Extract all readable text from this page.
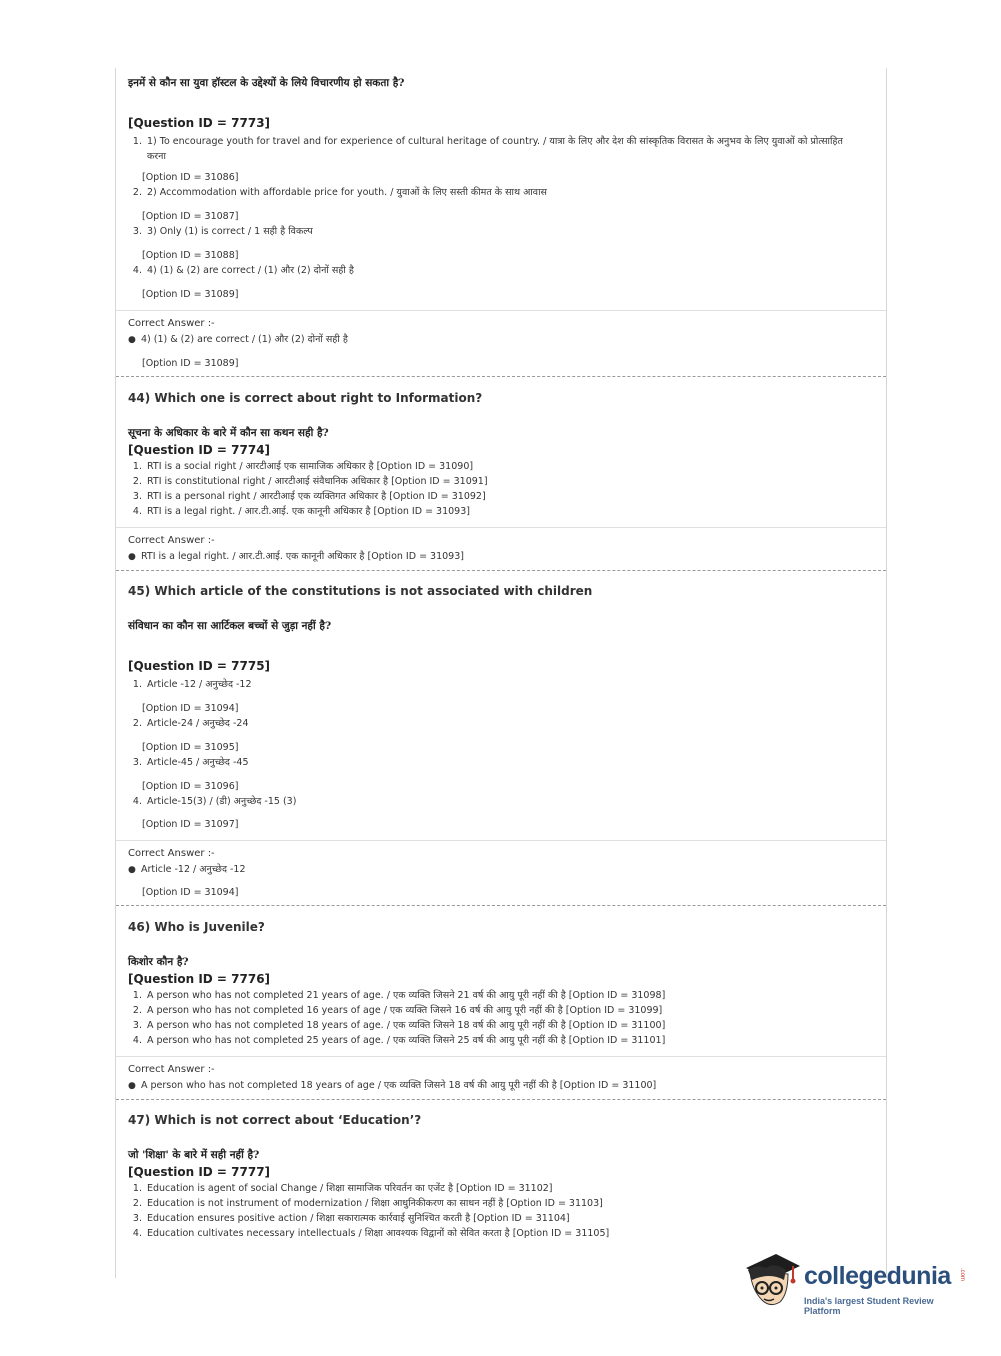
इनमें से कौन सा युवा हॉस्टल के उद्देश्यों के लिये विचारणीय हो सकता है?
[Question ID = 7773]
1. 1) To encourage youth for travel and for experience of cultural heritage of country. / यात्रा के लिए और देश की सांस्कृतिक विरासत के अनुभव के लिए युवाओं को प्रोत्साहित करना
[Option ID = 31086]
2. 2) Accommodation with affordable price for youth. / युवाओं के लिए सस्ती कीमत के साथ आवास
[Option ID = 31087]
3. 3) Only (1) is correct / 1 सही है विकल्प
[Option ID = 31088]
4. 4) (1) & (2) are correct / (1) और (2) दोनों सही है
[Option ID = 31089]
Correct Answer :-
● 4) (1) & (2) are correct / (1) और (2) दोनों सही है
[Option ID = 31089]
44) Which one is correct about right to Information?
सूचना के अधिकार के बारे में कौन सा कथन सही है?
[Question ID = 7774]
1. RTI is a social right / आरटीआई एक सामाजिक अधिकार है [Option ID = 31090]
2. RTI is constitutional right / आरटीआई संवैधानिक अधिकार है [Option ID = 31091]
3. RTI is a personal right / आरटीआई एक व्यक्तिगत अधिकार है [Option ID = 31092]
4. RTI is a legal right. / आर.टी.आई. एक कानूनी अधिकार है [Option ID = 31093]
Correct Answer :-
● RTI is a legal right. / आर.टी.आई. एक कानूनी अधिकार है [Option ID = 31093]
45) Which article of the constitutions is not associated with children
संविधान का कौन सा आर्टिकल बच्चों से जुड़ा नहीं है?
[Question ID = 7775]
1. Article -12 / अनुच्छेद -12
[Option ID = 31094]
2. Article-24 / अनुच्छेद -24
[Option ID = 31095]
3. Article-45 / अनुच्छेद -45
[Option ID = 31096]
4. Article-15(3) / (डी) अनुच्छेद -15 (3)
[Option ID = 31097]
Correct Answer :-
● Article -12 / अनुच्छेद -12
[Option ID = 31094]
46) Who is Juvenile?
किशोर कौन है?
[Question ID = 7776]
1. A person who has not completed 21 years of age. / एक व्यक्ति जिसने 21 वर्ष की आयु पूरी नहीं की है [Option ID = 31098]
2. A person who has not completed 16 years of age / एक व्यक्ति जिसने 16 वर्ष की आयु पूरी नहीं की है [Option ID = 31099]
3. A person who has not completed 18 years of age. / एक व्यक्ति जिसने 18 वर्ष की आयु पूरी नहीं की है [Option ID = 31100]
4. A person who has not completed 25 years of age. / एक व्यक्ति जिसने 25 वर्ष की आयु पूरी नहीं की है [Option ID = 31101]
Correct Answer :-
● A person who has not completed 18 years of age / एक व्यक्ति जिसने 18 वर्ष की आयु पूरी नहीं की है [Option ID = 31100]
47) Which is not correct about ‘Education’?
जो 'शिक्षा' के बारे में सही नहीं है?
[Question ID = 7777]
1. Education is agent of social Change / शिक्षा सामाजिक परिवर्तन का एजेंट है [Option ID = 31102]
2. Education is not instrument of modernization / शिक्षा आधुनिकीकरण का साधन नहीं है [Option ID = 31103]
3. Education ensures positive action / शिक्षा सकारात्मक कार्रवाई सुनिश्चित करती है [Option ID = 31104]
4. Education cultivates necessary intellectuals / शिक्षा आवश्यक विद्वानों को सेवित करता है [Option ID = 31105]
collegedunia .com
India's largest Student Review Platform
